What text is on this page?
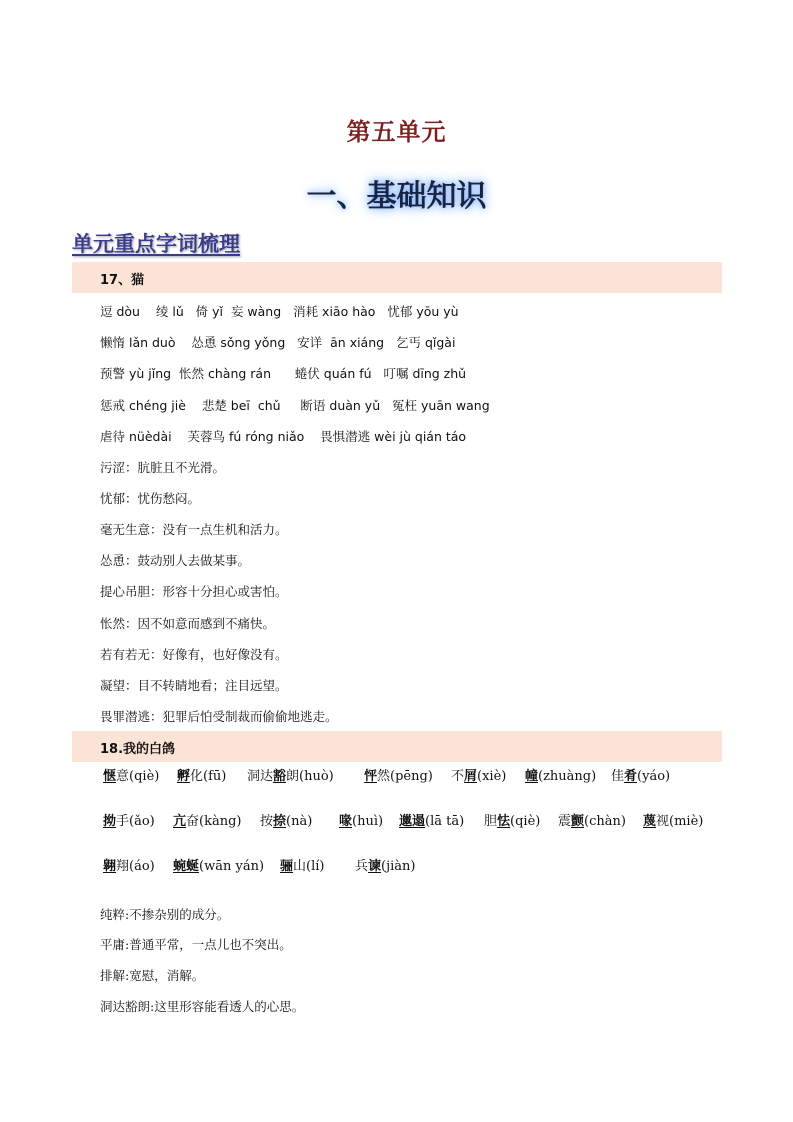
第五单元
一、基础知识
单元重点字词梳理
17、猫
逗 dòu    绫 lǔ   倚 yǐ  妄 wàng   消耗 xiāo hào   忧郁 yōu yù
懒惰 lǎn duò    怂恿 sǒng yǒng   安详  ān xiáng   乞丐 qǐgài
预警 yù jǐng  怅然 chàng rán      蜷伏 quán fú   叮嘱 dīng zhǔ
惩戒 chéng jiè    悲楚 beī  chǔ     断语 duàn yǔ   冤枉 yuān wang
虐待 nüèdài    芙蓉鸟 fú róng niǎo    畏惧潜逃 wèi jù qián táo
污涩：肮脏且不光滑。
忧郁：忧伤愁闷。
毫无生意：没有一点生机和活力。
怂恿：鼓动别人去做某事。
提心吊胆：形容十分担心或害怕。
怅然：因不如意而感到不痛快。
若有若无：好像有，也好像没有。
凝望：目不转睛地看；注目远望。
畏罪潜逃：犯罪后怕受制裁而偷偷地逃走。
18.我的白鸽
惬意(qiè) 孵化(fū) 洞达豁朗(huò) 怦然(pēng) 不屑(xiè) 幢(zhuàng) 佳肴(yáo)
拗手(ǎo) 亢奋(kàng) 按捺(nà) 喙(huì) 邋遢(lā tā) 胆怯(qiè) 震颤(chàn) 蔑视(miè)
翱翔(áo) 蜿蜒(wān yán) 骊山(lí) 兵谏(jiàn)
纯粹:不掺杂别的成分。
平庸:普通平常，一点儿也不突出。
排解:宽慰，消解。
洞达豁朗:这里形容能看透人的心思。
